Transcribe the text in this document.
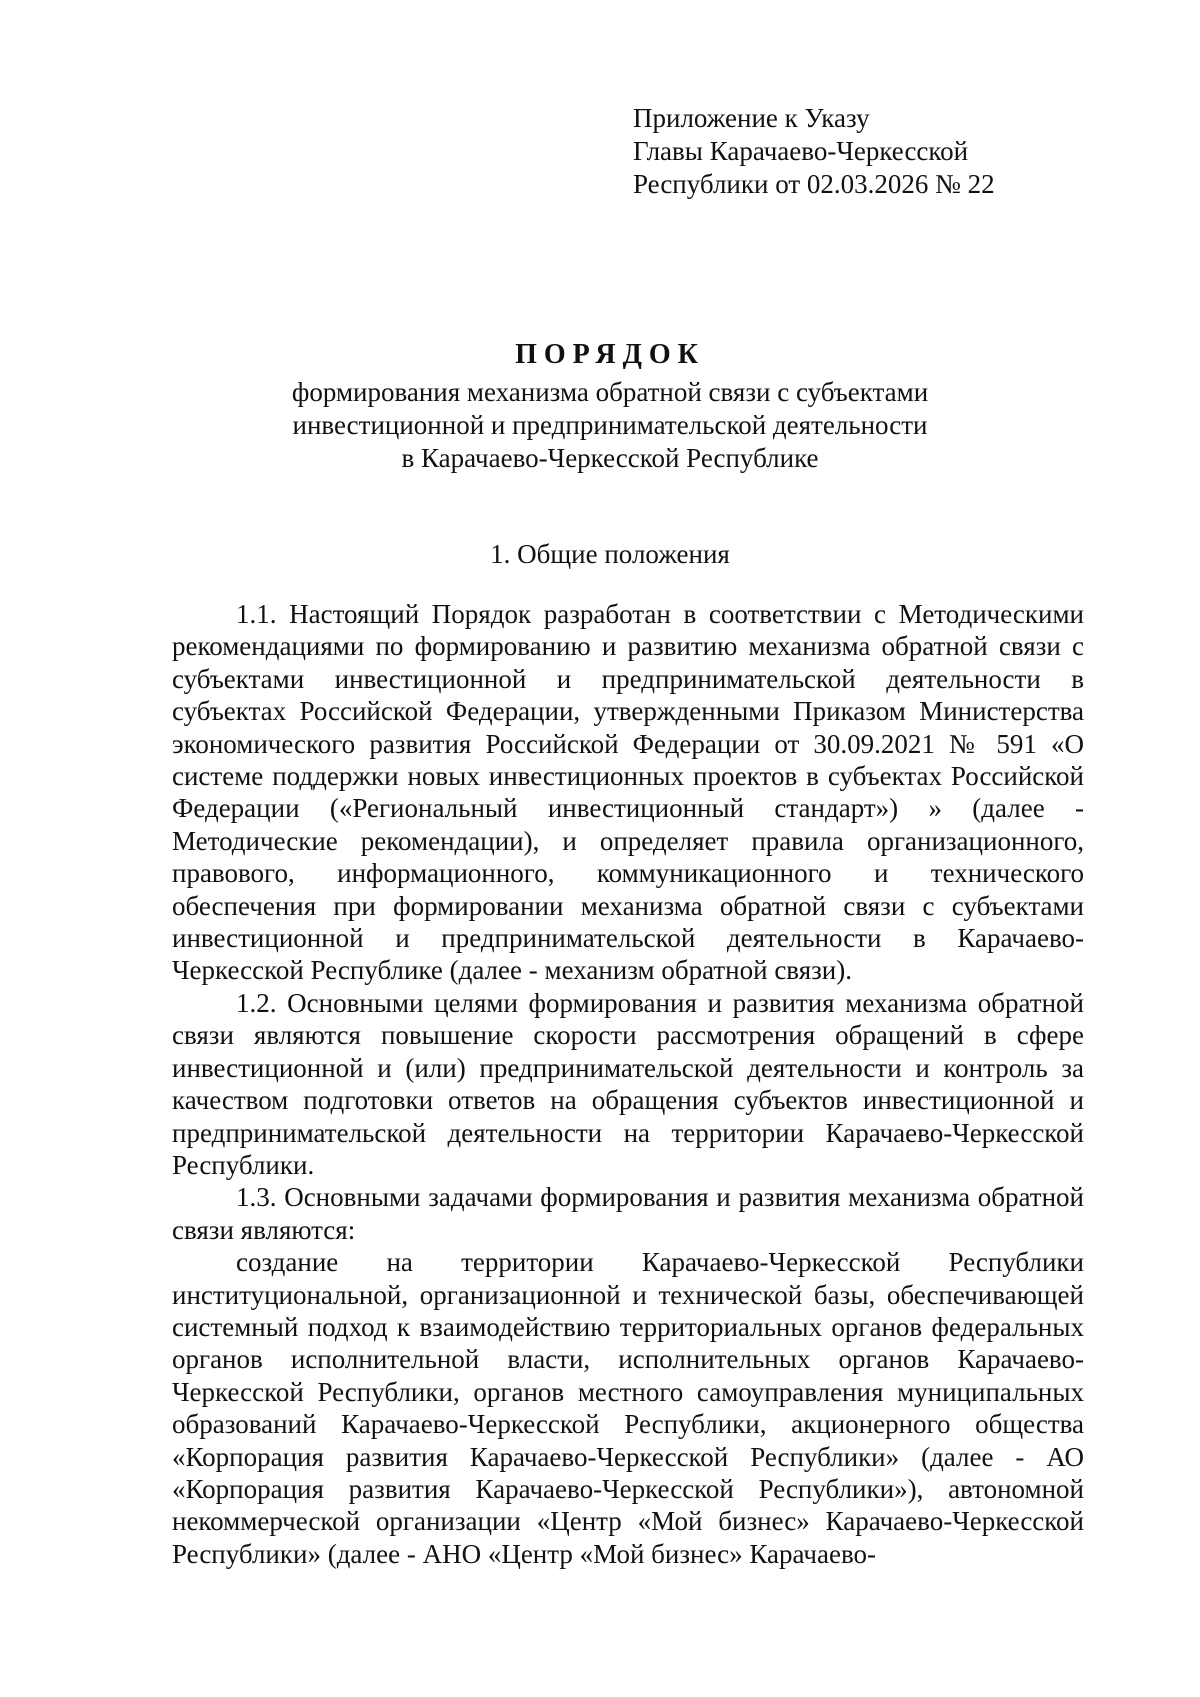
Приложение к Указу
Главы Карачаево-Черкесской
Республики от 02.03.2026 № 22
ПОРЯДОК
формирования механизма обратной связи с субъектами
инвестиционной и предпринимательской деятельности
в Карачаево-Черкесской Республике
1. Общие положения

1.1. Настоящий Порядок разработан в соответствии с Методическими рекомендациями по формированию и развитию механизма обратной связи с субъектами инвестиционной и предпринимательской деятельности в субъектах Российской Федерации, утвержденными Приказом Министерства экономического развития Российской Федерации от 30.09.2021 № 591 «О системе поддержки новых инвестиционных проектов в субъектах Российской Федерации («Региональный инвестиционный стандарт») » (далее - Методические рекомендации), и определяет правила организационного, правового, информационного, коммуникационного и технического обеспечения при формировании механизма обратной связи с субъектами инвестиционной и предпринимательской деятельности в Карачаево-Черкесской Республике (далее - механизм обратной связи).

1.2. Основными целями формирования и развития механизма обратной связи являются повышение скорости рассмотрения обращений в сфере инвестиционной и (или) предпринимательской деятельности и контроль за качеством подготовки ответов на обращения субъектов инвестиционной и предпринимательской деятельности на территории Карачаево-Черкесской Республики.

1.3. Основными задачами формирования и развития механизма обратной связи являются:

создание на территории Карачаево-Черкесской Республики институциональной, организационной и технической базы, обеспечивающей системный подход к взаимодействию территориальных органов федеральных органов исполнительной власти, исполнительных органов Карачаево-Черкесской Республики, органов местного самоуправления муниципальных образований Карачаево-Черкесской Республики, акционерного общества «Корпорация развития Карачаево-Черкесской Республики» (далее - АО «Корпорация развития Карачаево-Черкесской Республики»), автономной некоммерческой организации «Центр «Мой бизнес» Карачаево-Черкесской Республики» (далее - АНО «Центр «Мой бизнес» Карачаево-
